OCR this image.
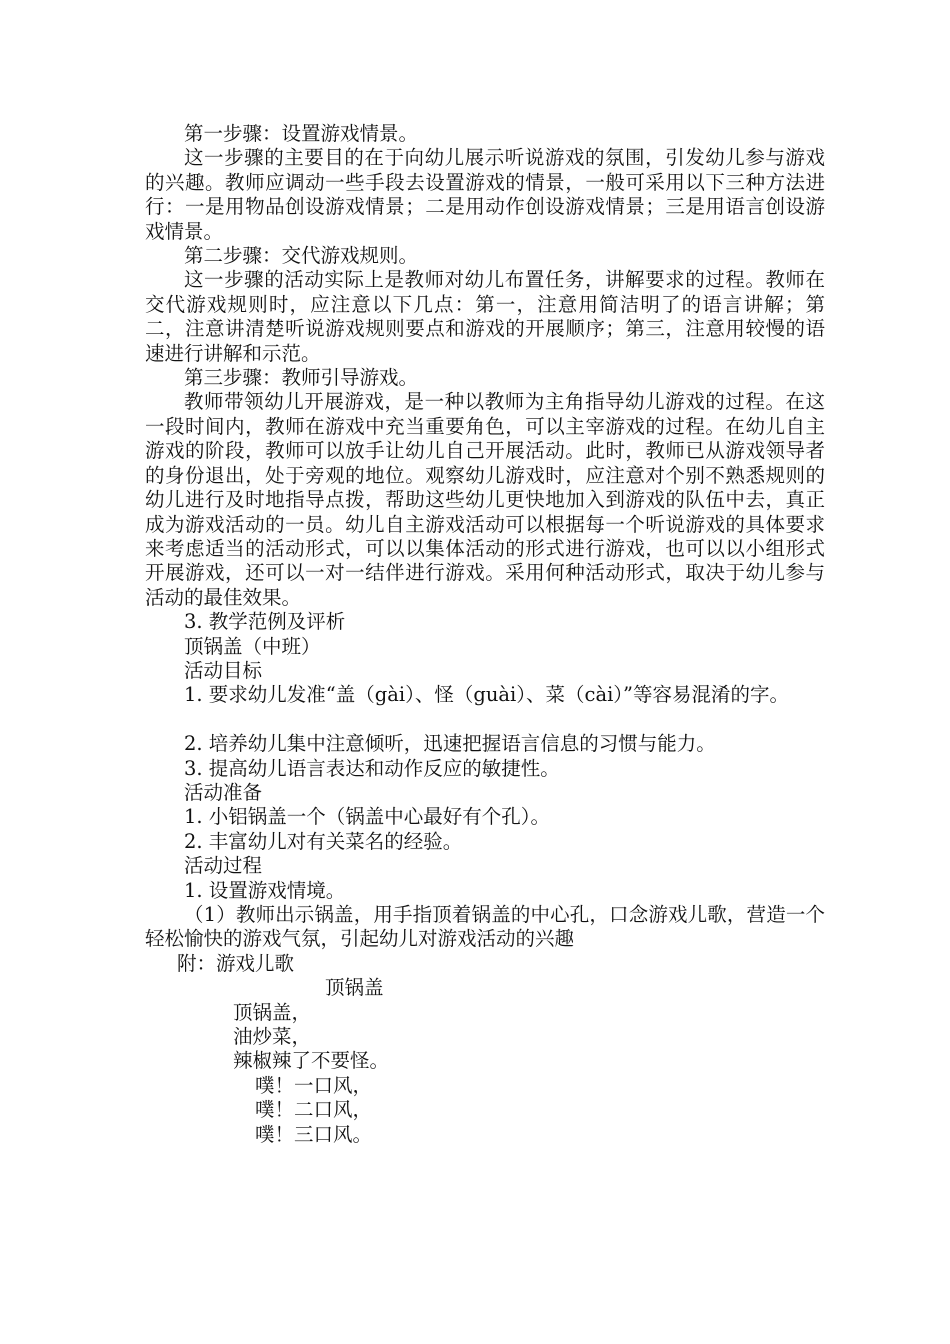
第一步骤：设置游戏情景。

这一步骤的主要目的在于向幼儿展示听说游戏的氛围，引发幼儿参与游戏的兴趣。教师应调动一些手段去设置游戏的情景，一般可采用以下三种方法进行：一是用物品创设游戏情景；二是用动作创设游戏情景；三是用语言创设游戏情景。

第二步骤：交代游戏规则。

这一步骤的活动实际上是教师对幼儿布置任务，讲解要求的过程。教师在交代游戏规则时，应注意以下几点：第一，注意用简洁明了的语言讲解；第二，注意讲清楚听说游戏规则要点和游戏的开展顺序；第三，注意用较慢的语速进行讲解和示范。

第三步骤：教师引导游戏。

教师带领幼儿开展游戏，是一种以教师为主角指导幼儿游戏的过程。在这一段时间内，教师在游戏中充当重要角色，可以主宰游戏的过程。在幼儿自主游戏的阶段，教师可以放手让幼儿自己开展活动。此时，教师已从游戏领导者的身份退出，处于旁观的地位。观察幼儿游戏时，应注意对个别不熟悉规则的幼儿进行及时地指导点拨，帮助这些幼儿更快地加入到游戏的队伍中去，真正成为游戏活动的一员。幼儿自主游戏活动可以根据每一个听说游戏的具体要求来考虑适当的活动形式，可以以集体活动的形式进行游戏，也可以以小组形式开展游戏，还可以一对一结伴进行游戏。采用何种活动形式，取决于幼儿参与活动的最佳效果。

3. 教学范例及评析

顶锅盖（中班）

活动目标

1. 要求幼儿发准“盖（gài）、怪（guài）、菜（cài）”等容易混淆的字。

2. 培养幼儿集中注意倾听，迅速把握语言信息的习惯与能力。

3. 提高幼儿语言表达和动作反应的敏捷性。

活动准备

1. 小铝锅盖一个（锅盖中心最好有个孔）。

2. 丰富幼儿对有关菜名的经验。

活动过程

1. 设置游戏情境。

（1）教师出示锅盖，用手指顶着锅盖的中心孔，口念游戏儿歌，营造一个轻松愉快的游戏气氛，引起幼儿对游戏活动的兴趣

附：游戏儿歌

顶锅盖

顶锅盖，

油炒菜，

辣椒辣了不要怪。

噗！一口风，

噗！二口风，

噗！三口风。
